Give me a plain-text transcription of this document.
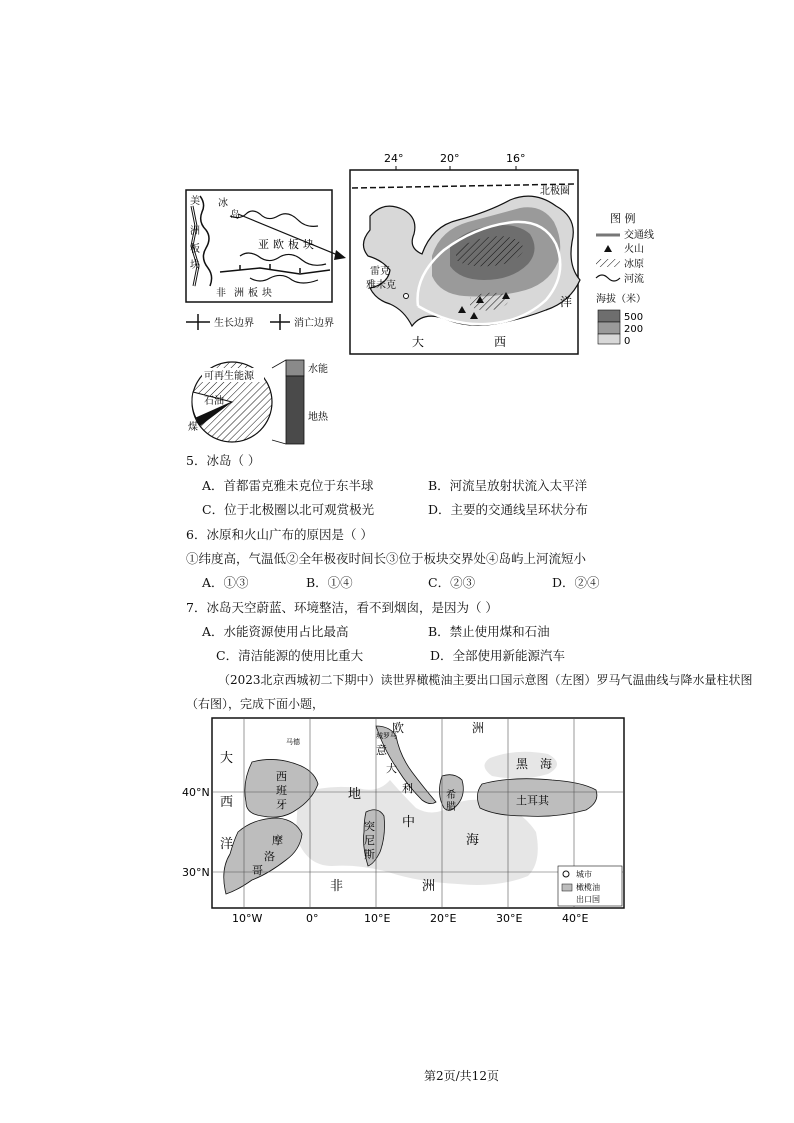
美
洲
板
块
冰
岛
亚欧板块
非 洲板块
生长边界	消亡边界
24°	20°	16°
北极圈
雷克
雅未克
大	西
洋
图 例
交通线
火山
冰原
河流
海拔（米）
500
200
0
可再生能源
石油
煤
水能
地热
5．冰岛（ ）
A．首都雷克雅未克位于东半球	B．河流呈放射状流入太平洋
C．位于北极圈以北可观赏极光	D．主要的交通线呈环状分布
6．冰原和火山广布的原因是（ ）
①纬度高，气温低②全年极夜时间长③位于板块交界处④岛屿上河流短小
A．①③	B．①④	C．②③	D．②④
7．冰岛天空蔚蓝、环境整洁，看不到烟囱，是因为（ ）
A．水能资源使用占比最高	B．禁止使用煤和石油
C．清洁能源的使用比重大	D．全部使用新能源汽车
（2023北京西城初二下期中）读世界橄榄油主要出口国示意图（左图）罗马气温曲线与降水量柱状图
（右图），完成下面小题，
40°N
30°N
10°W	0°	10°E	20°E	30°E	40°E
欧	洲
大
西
洋
西
班
牙
意
大
利
希
腊
土耳其
突
尼
斯
摩
洛
哥
地
中
海
黑 海
非	洲
马德
城罗马
城市
橄榄油
出口国
第2页/共12页
